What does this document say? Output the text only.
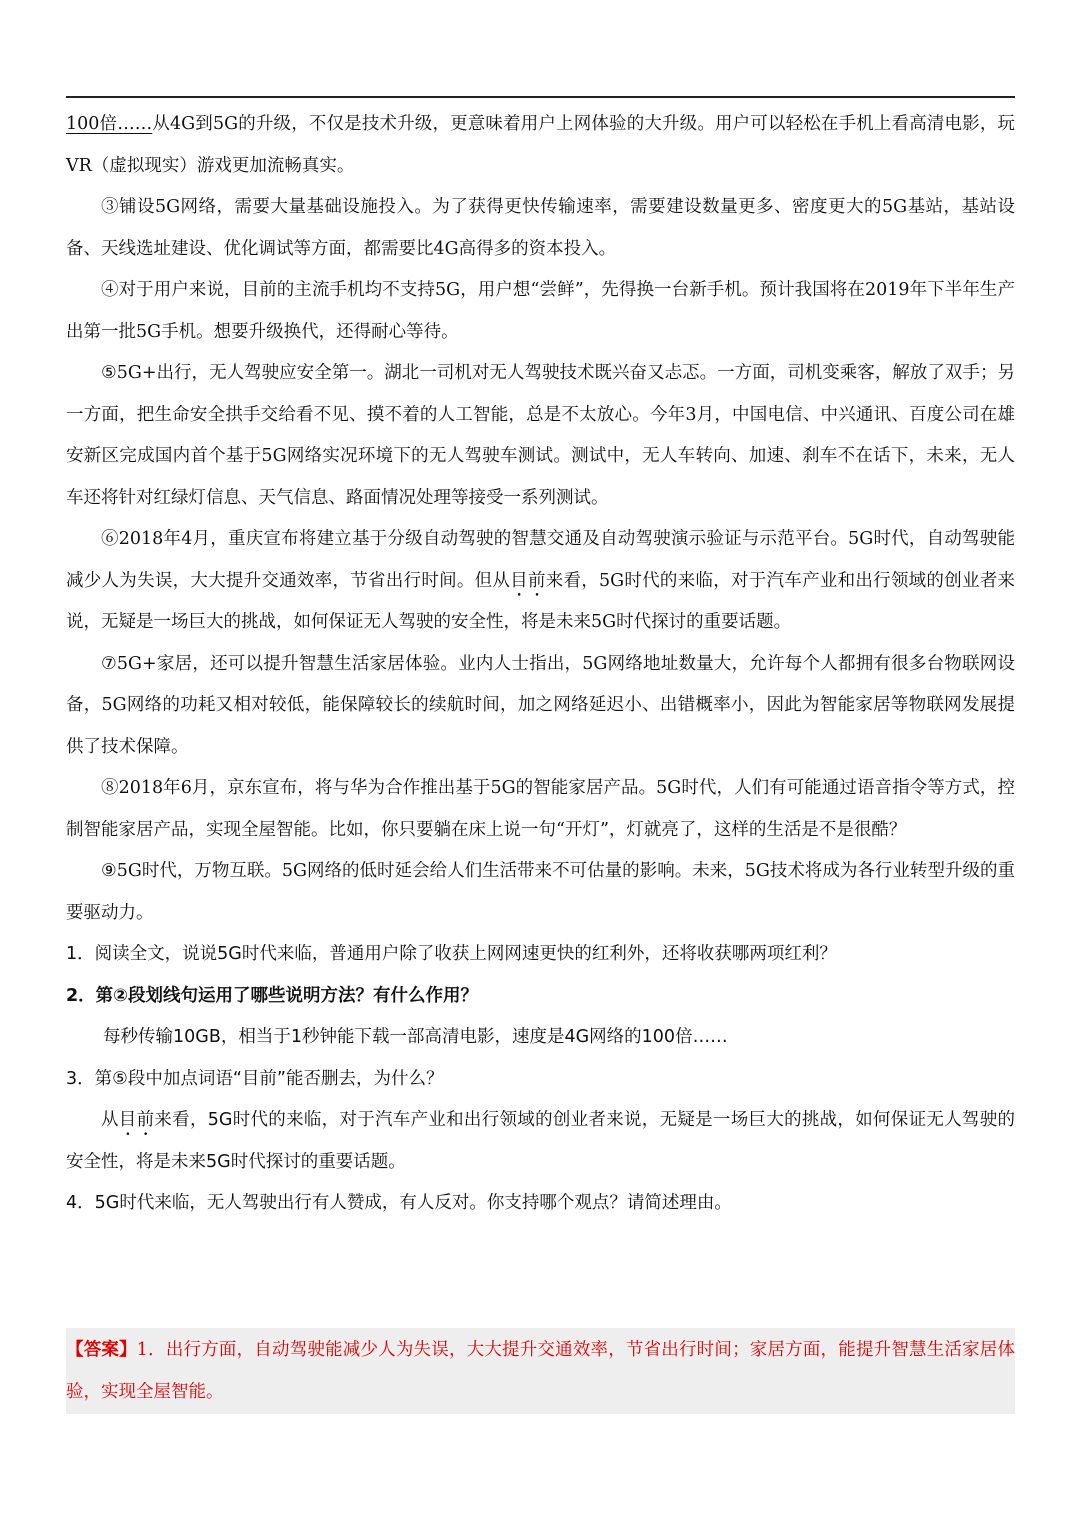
100倍……从4G到5G的升级，不仅是技术升级，更意味着用户上网体验的大升级。用户可以轻松在手机上看高清电影，玩VR（虚拟现实）游戏更加流畅真实。

③铺设5G网络，需要大量基础设施投入。为了获得更快传输速率，需要建设数量更多、密度更大的5G基站，基站设备、天线选址建设、优化调试等方面，都需要比4G高得多的资本投入。

④对于用户来说，目前的主流手机均不支持5G，用户想“尝鲜”，先得换一台新手机。预计我国将在2019年下半年生产出第一批5G手机。想要升级换代，还得耐心等待。

⑤5G+出行，无人驾驶应安全第一。湖北一司机对无人驾驶技术既兴奋又忐忑。一方面，司机变乘客，解放了双手；另一方面，把生命安全拱手交给看不见、摸不着的人工智能，总是不太放心。今年3月，中国电信、中兴通讯、百度公司在雄安新区完成国内首个基于5G网络实况环境下的无人驾驶车测试。测试中，无人车转向、加速、刹车不在话下，未来，无人车还将针对红绿灯信息、天气信息、路面情况处理等接受一系列测试。

⑥2018年4月，重庆宣布将建立基于分级自动驾驶的智慧交通及自动驾驶演示验证与示范平台。5G时代，自动驾驶能减少人为失误，大大提升交通效率，节省出行时间。但从目前来看，5G时代的来临，对于汽车产业和出行领域的创业者来说，无疑是一场巨大的挑战，如何保证无人驾驶的安全性，将是未来5G时代探讨的重要话题。

⑦5G+家居，还可以提升智慧生活家居体验。业内人士指出，5G网络地址数量大，允许每个人都拥有很多台物联网设备，5G网络的功耗又相对较低，能保障较长的续航时间，加之网络延迟小、出错概率小，因此为智能家居等物联网发展提供了技术保障。

⑧2018年6月，京东宣布，将与华为合作推出基于5G的智能家居产品。5G时代，人们有可能通过语音指令等方式，控制智能家居产品，实现全屋智能。比如，你只要躺在床上说一句“开灯”，灯就亮了，这样的生活是不是很酷？

⑨5G时代，万物互联。5G网络的低时延会给人们生活带来不可估量的影响。未来，5G技术将成为各行业转型升级的重要驱动力。

1．阅读全文，说说5G时代来临，普通用户除了收获上网网速更快的红利外，还将收获哪两项红利？

2．第②段划线句运用了哪些说明方法？有什么作用？

每秒传输10GB，相当于1秒钟能下载一部高清电影，速度是4G网络的100倍……

3．第⑤段中加点词语“目前”能否删去，为什么？

从目前来看，5G时代的来临，对于汽车产业和出行领域的创业者来说，无疑是一场巨大的挑战，如何保证无人驾驶的安全性，将是未来5G时代探讨的重要话题。

4．5G时代来临，无人驾驶出行有人赞成，有人反对。你支持哪个观点？请简述理由。

【答案】1．出行方面，自动驾驶能减少人为失误，大大提升交通效率，节省出行时间；家居方面，能提升智慧生活家居体验，实现全屋智能。
